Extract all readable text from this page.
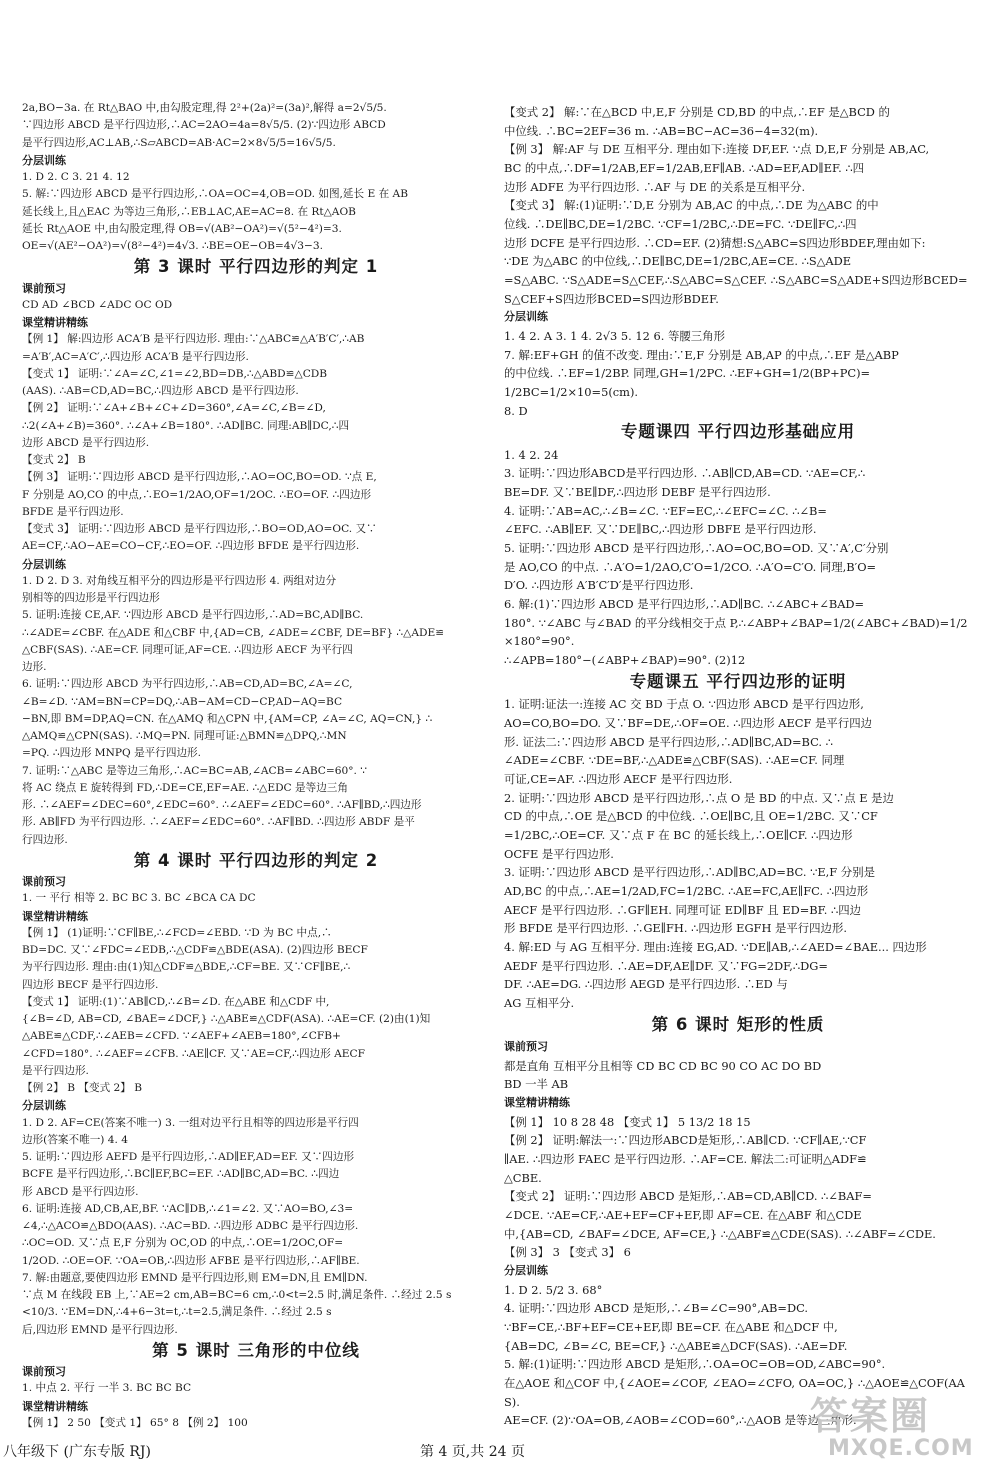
2a,BO−3a. 在 Rt△BAO 中,由勾股定理,得 2²+(2a)²=(3a)²,解得 a=2√5/5.
∵四边形 ABCD 是平行四边形,∴AC=2AO=4a=8√5/5. (2)∵四边形 ABCD
是平行四边形,AC⊥AB,∴S▱ABCD=AB·AC=2×8√5/5=16√5/5.
分层训练
1. D 2. C 3. 21 4. 12
5. 解:∵四边形 ABCD 是平行四边形,∴OA=OC=4,OB=OD. 如图,延长 E 在 AB
延长线上,且△EAC 为等边三角形,∴EB⊥AC,AE=AC=8. 在 Rt△AOB
延长 Rt△AOE 中,由勾股定理,得 OB=√(AB²−OA²)=√(5²−4²)=3.
OE=√(AE²−OA²)=√(8²−4²)=4√3. ∴BE=OE−OB=4√3−3.
第 3 课时 平行四边形的判定 1
课前预习
CD AD ∠BCD ∠ADC OC OD
课堂精讲精练
【例 1】 解:四边形 ACA′B 是平行四边形. 理由:∵△ABC≌△A′B′C′,∴AB
=A′B′,AC=A′C′,∴四边形 ACA′B 是平行四边形.
【变式 1】 证明:∵∠A=∠C,∠1=∠2,BD=DB,∴△ABD≌△CDB
(AAS). ∴AB=CD,AD=BC,∴四边形 ABCD 是平行四边形.
【例 2】 证明:∵∠A+∠B+∠C+∠D=360°,∠A=∠C,∠B=∠D,
∴2(∠A+∠B)=360°. ∴∠A+∠B=180°. ∴AD∥BC. 同理:AB∥DC,∴四
边形 ABCD 是平行四边形.
【变式 2】 B
【例 3】 证明:∵四边形 ABCD 是平行四边形,∴AO=OC,BO=OD. ∵点 E,
F 分别是 AO,CO 的中点,∴EO=1/2AO,OF=1/2OC. ∴EO=OF. ∴四边形
BFDE 是平行四边形.
【变式 3】 证明:∵四边形 ABCD 是平行四边形,∴BO=OD,AO=OC. 又∵
AE=CF,∴AO−AE=CO−CF,∴EO=OF. ∴四边形 BFDE 是平行四边形.
分层训练
1. D 2. D 3. 对角线互相平分的四边形是平行四边形 4. 两组对边分
别相等的四边形是平行四边形
5. 证明:连接 CE,AF. ∵四边形 ABCD 是平行四边形,∴AD=BC,AD∥BC.
∴∠ADE=∠CBF. 在△ADE 和△CBF 中,{AD=CB, ∠ADE=∠CBF, DE=BF} ∴△ADE≌
△CBF(SAS). ∴AE=CF. 同理可证,AF=CE. ∴四边形 AECF 为平行四
边形.
6. 证明:∵四边形 ABCD 为平行四边形,∴AB=CD,AD=BC,∠A=∠C,
∠B=∠D. ∵AM=BN=CP=DQ,∴AB−AM=CD−CP,AD−AQ=BC
−BN,即 BM=DP,AQ=CN. 在△AMQ 和△CPN 中,{AM=CP, ∠A=∠C, AQ=CN,} ∴
△AMQ≌△CPN(SAS). ∴MQ=PN. 同理可证:△BMN≌△DPQ,∴MN
=PQ. ∴四边形 MNPQ 是平行四边形.
7. 证明:∵△ABC 是等边三角形,∴AC=BC=AB,∠ACB=∠ABC=60°. ∵
将 AC 绕点 E 旋转得到 FD,∴DE=CE,EF=AE. ∴△EDC 是等边三角
形. ∴∠AEF=∠DEC=60°,∠EDC=60°. ∴∠AEF=∠EDC=60°. ∴AF∥BD,∴四边形
形. AB∥FD 为平行四边形. ∴∠AEF=∠EDC=60°. ∴AF∥BD. ∴四边形 ABDF 是平
行四边形.
第 4 课时 平行四边形的判定 2
课前预习
1. 一 平行 相等 2. BC BC 3. BC ∠BCA CA DC
课堂精讲精练
【例 1】 (1)证明:∵CF∥BE,∴∠FCD=∠EBD. ∵D 为 BC 中点,∴
BD=DC. 又∵∠FDC=∠EDB,∴△CDF≌△BDE(ASA). (2)四边形 BECF
为平行四边形. 理由:由(1)知△CDF≌△BDE,∴CF=BE. 又∵CF∥BE,∴
四边形 BECF 是平行四边形.
【变式 1】 证明:(1)∵AB∥CD,∴∠B=∠D. 在△ABE 和△CDF 中,
{∠B=∠D, AB=CD, ∠BAE=∠DCF,} ∴△ABE≌△CDF(ASA). ∴AE=CF. (2)由(1)知
△ABE≌△CDF,∴∠AEB=∠CFD. ∵∠AEF+∠AEB=180°,∠CFB+
∠CFD=180°. ∴∠AEF=∠CFB. ∴AE∥CF. 又∵AE=CF,∴四边形 AECF
是平行四边形.
【例 2】 B 【变式 2】 B
分层训练
1. D 2. AF=CE(答案不唯一) 3. 一组对边平行且相等的四边形是平行四
边形(答案不唯一) 4. 4
5. 证明:∵四边形 AEFD 是平行四边形,∴AD∥EF,AD=EF. 又∵四边形
BCFE 是平行四边形,∴BC∥EF,BC=EF. ∴AD∥BC,AD=BC. ∴四边
形 ABCD 是平行四边形.
6. 证明:连接 AD,CB,AE,BF. ∵AC∥DB,∴∠1=∠2. 又∵AO=BO,∠3=
∠4,∴△ACO≌△BDO(AAS). ∴AC=BD. ∴四边形 ADBC 是平行四边形.
∴OC=OD. 又∵点 E,F 分别为 OC,OD 的中点,∴OE=1/2OC,OF=
1/2OD. ∴OE=OF. ∵OA=OB,∴四边形 AFBE 是平行四边形,∴AF∥BE.
7. 解:由题意,要使四边形 EMND 是平行四边形,则 EM=DN,且 EM∥DN.
∵点 M 在线段 EB 上,∵AE=2 cm,AB=BC=6 cm,∴0<t=2.5 时,满足条件. ∴经过 2.5 s
<10/3. ∵EM=DN,∴4+6−3t=t,∴t=2.5,满足条件. ∴经过 2.5 s
后,四边形 EMND 是平行四边形.
第 5 课时 三角形的中位线
课前预习
1. 中点 2. 平行 一半 3. BC BC BC
课堂精讲精练
【例 1】 2 50 【变式 1】 65° 8 【例 2】 100
【变式 2】 解:∵在△BCD 中,E,F 分别是 CD,BD 的中点,∴EF 是△BCD 的
中位线. ∴BC=2EF=36 m. ∴AB=BC−AC=36−4=32(m).
【例 3】 解:AF 与 DE 互相平分. 理由如下:连接 DF,EF. ∵点 D,E,F 分别是 AB,AC,
BC 的中点,∴DF=1/2AB,EF=1/2AB,EF∥AB. ∴AD=EF,AD∥EF. ∴四
边形 ADFE 为平行四边形. ∴AF 与 DE 的关系是互相平分.
【变式 3】 解:(1)证明:∵D,E 分别为 AB,AC 的中点,∴DE 为△ABC 的中
位线. ∴DE∥BC,DE=1/2BC. ∵CF=1/2BC,∴DE=FC. ∵DE∥FC,∴四
边形 DCFE 是平行四边形. ∴CD=EF. (2)猜想:S△ABC=S四边形BDEF,理由如下:
∵DE 为△ABC 的中位线,∴DE∥BC,DE=1/2BC,AE=CE. ∴S△ADE
=S△ABC. ∵S△ADE=S△CEF,∴S△ABC=S△CEF. ∴S△ABC=S△ADE+S四边形BCED=S△CEF+S四边形BCED=S四边形BDEF.
分层训练
1. 4 2. A 3. 1 4. 2√3 5. 12 6. 等腰三角形
7. 解:EF+GH 的值不改变. 理由:∵E,F 分别是 AB,AP 的中点,∴EF 是△ABP
的中位线. ∴EF=1/2BP. 同理,GH=1/2PC. ∴EF+GH=1/2(BP+PC)=
1/2BC=1/2×10=5(cm).
8. D
专题课四 平行四边形基础应用
1. 4 2. 24
3. 证明:∵四边形ABCD是平行四边形. ∴AB∥CD,AB=CD. ∵AE=CF,∴
BE=DF. 又∵BE∥DF,∴四边形 DEBF 是平行四边形.
4. 证明:∵AB=AC,∴∠B=∠C. ∵EF=EC,∴∠EFC=∠C. ∴∠B=
∠EFC. ∴AB∥EF. 又∵DE∥BC,∴四边形 DBFE 是平行四边形.
5. 证明:∵四边形 ABCD 是平行四边形,∴AO=OC,BO=OD. 又∵A′,C′分别
是 AO,CO 的中点. ∴A′O=1/2AO,C′O=1/2CO. ∴A′O=C′O. 同理,B′O=
D′O. ∴四边形 A′B′C′D′是平行四边形.
6. 解:(1)∵四边形 ABCD 是平行四边形,∴AD∥BC. ∴∠ABC+∠BAD=
180°. ∵∠ABC 与∠BAD 的平分线相交于点 P,∴∠ABP+∠BAP=1/2(∠ABC+∠BAD)=1/2×180°=90°.
∴∠APB=180°−(∠ABP+∠BAP)=90°. (2)12
专题课五 平行四边形的证明
1. 证明:证法一:连接 AC 交 BD 于点 O. ∵四边形 ABCD 是平行四边形,
AO=CO,BO=DO. 又∵BF=DE,∴OF=OE. ∴四边形 AECF 是平行四边
形. 证法二:∵四边形 ABCD 是平行四边形,∴AD∥BC,AD=BC. ∴
∠ADE=∠CBF. ∵DE=BF,∴△ADE≌△CBF(SAS). ∴AE=CF. 同理
可证,CE=AF. ∴四边形 AECF 是平行四边形.
2. 证明:∵四边形 ABCD 是平行四边形,∴点 O 是 BD 的中点. 又∵点 E 是边
CD 的中点,∴OE 是△BCD 的中位线. ∴OE∥BC,且 OE=1/2BC. 又∵CF
=1/2BC,∴OE=CF. 又∵点 F 在 BC 的延长线上,∴OE∥CF. ∴四边形
OCFE 是平行四边形.
3. 证明:∵四边形 ABCD 是平行四边形,∴AD∥BC,AD=BC. ∵E,F 分别是
AD,BC 的中点,∴AE=1/2AD,FC=1/2BC. ∴AE=FC,AE∥FC. ∴四边形
AECF 是平行四边形. ∴GF∥EH. 同理可证 ED∥BF 且 ED=BF. ∴四边
形 BFDE 是平行四边形. ∴GE∥FH. ∴四边形 EGFH 是平行四边形.
4. 解:ED 与 AG 互相平分. 理由:连接 EG,AD. ∵DE∥AB,∴∠AED=∠BAE... 四边形
AEDF 是平行四边形. ∴AE=DF,AE∥DF. 又∵FG=2DF,∴DG=
DF. ∴AE=DG. ∴四边形 AEGD 是平行四边形. ∴ED 与
AG 互相平分.
第 6 课时 矩形的性质
课前预习
都是直角 互相平分且相等 CD BC CD BC 90 CO AC DO BD
BD 一半 AB
课堂精讲精练
【例 1】 10 8 28 48 【变式 1】 5 13/2 18 15
【例 2】 证明:解法一:∵四边形ABCD是矩形,∴AB∥CD. ∵CF∥AE,∵CF
∥AE. ∴四边形 FAEC 是平行四边形. ∴AF=CE. 解法二:可证明△ADF≌
△CBE.
【变式 2】 证明:∵四边形 ABCD 是矩形,∴AB=CD,AB∥CD. ∴∠BAF=
∠DCE. ∵AE=CF,∴AE+EF=CF+EF,即 AF=CE. 在△ABF 和△CDE
中,{AB=CD, ∠BAF=∠DCE, AF=CE,} ∴△ABF≌△CDE(SAS). ∴∠ABF=∠CDE.
【例 3】 3 【变式 3】 6
分层训练
1. D 2. 5/2 3. 68°
4. 证明:∵四边形 ABCD 是矩形,∴∠B=∠C=90°,AB=DC.
∵BF=CE,∴BF+EF=CE+EF,即 BE=CF. 在△ABE 和△DCF 中,
{AB=DC, ∠B=∠C, BE=CF,} ∴△ABE≌△DCF(SAS). ∴AE=DF.
5. 解:(1)证明:∵四边形 ABCD 是矩形,∴OA=OC=OB=OD,∠ABC=90°.
在△AOE 和△COF 中,{∠AOE=∠COF, ∠EAO=∠CFO, OA=OC,} ∴△AOE≌△COF(AAS).
AE=CF. (2)∵OA=OB,∠AOB=∠COD=60°,∴△AOB 是等边三角形.
八年级下 (广东专版 RJ)	第 4 页,共 24 页
答案圈
MXQE.COM
